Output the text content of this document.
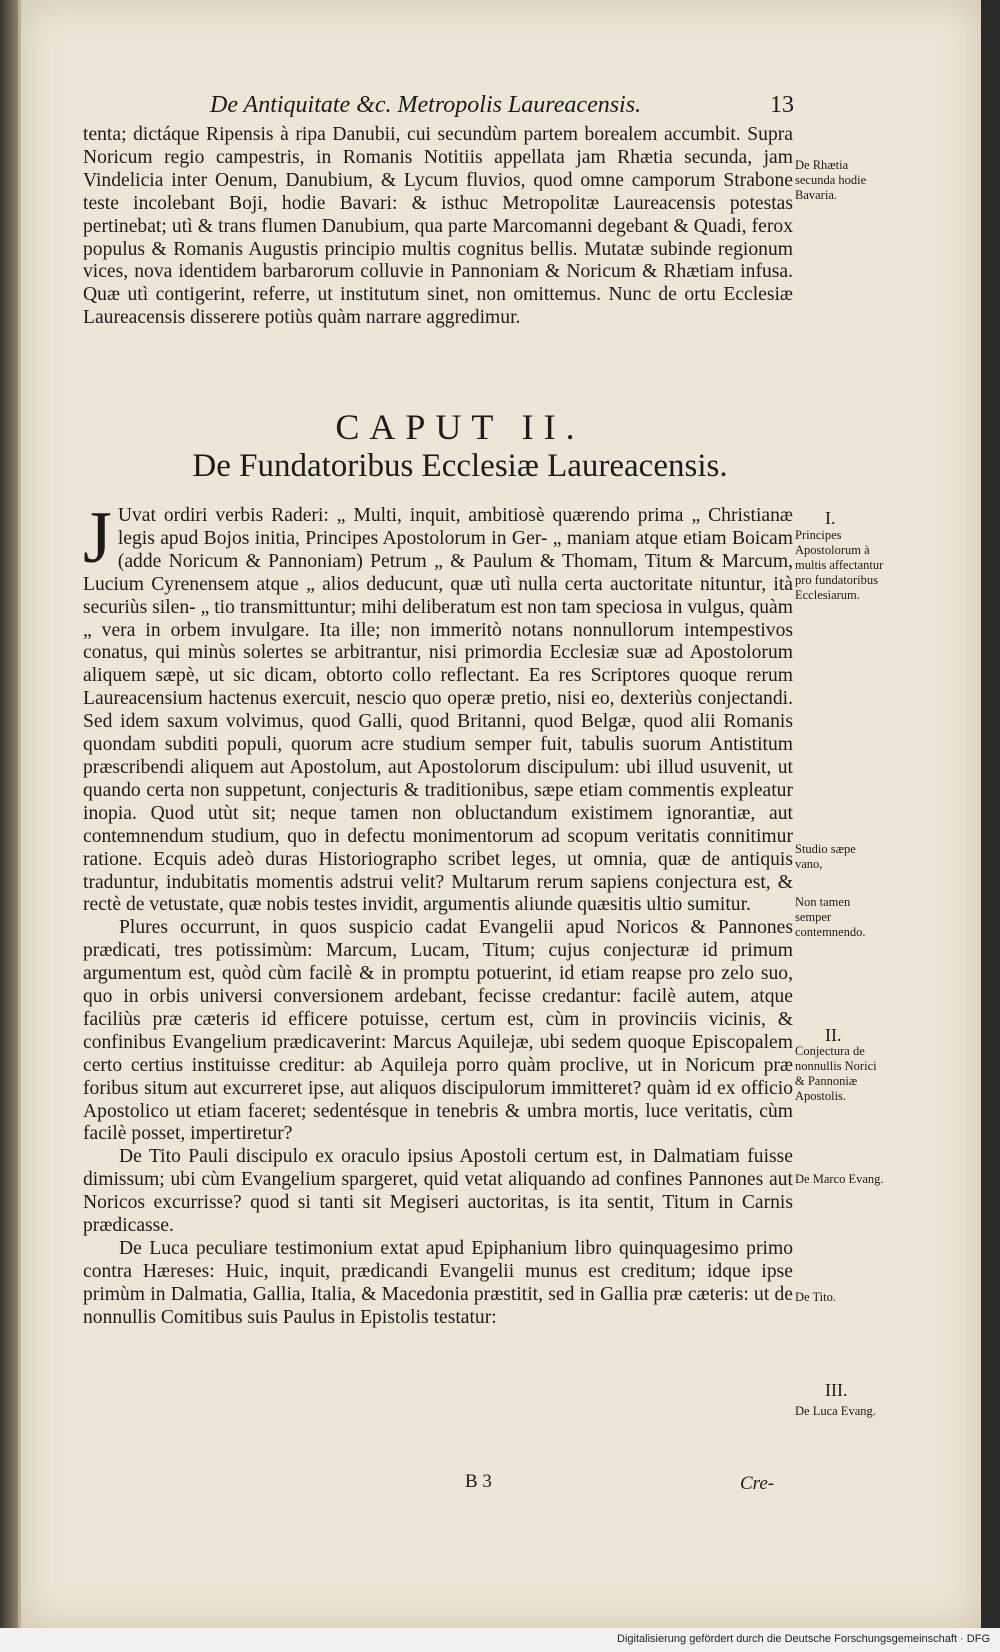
De Antiquitate &c. Metropolis Laureacensis.	13

tenta; dictáque Ripensis à ripa Danubii, cui secundùm partem borealem accumbit. Supra Noricum regio campestris, in Romanis Notitiis appellata jam Rhætia secunda, jam Vindelicia inter Oenum, Danubium, & Lycum fluvios, quod omne camporum Strabone teste incolebant Boji, hodie Bavari: & isthuc Metropolitæ Laureacensis potestas pertinebat; utì & trans flumen Danubium, qua parte Marcomanni degebant & Quadi, ferox populus & Romanis Augustis principio multis cognitus bellis. Mutatæ subinde regionum vices, nova identidem barbarorum colluvie in Pannoniam & Noricum & Rhætiam infusa. Quæ utì contigerint, referre, ut institutum sinet, non omittemus. Nunc de ortu Ecclesiæ Laureacensis disserere potiùs quàm narrare aggredimur.

CAPUT II.
De Fundatoribus Ecclesiæ Laureacensis.

J Uvat ordiri verbis Raderi: „ Multi, inquit, ambitiosè quærendo prima „ Christianæ legis apud Bojos initia, Principes Apostolorum in Ger- „ maniam atque etiam Boicam (adde Noricum & Pannoniam) Petrum „ & Paulum & Thomam, Titum & Marcum, Lucium Cyrenensem atque „ alios deducunt, quæ utì nulla certa auctoritate nituntur, ità securiùs silen- „ tio transmittuntur; mihi deliberatum est non tam speciosa in vulgus, quàm „ vera in orbem invulgare. Ita ille; non immeritò notans nonnullorum intempestivos conatus, qui minùs solertes se arbitrantur, nisi primordia Ecclesiæ suæ ad Apostolorum aliquem sæpè, ut sic dicam, obtorto collo reflectant. Ea res Scriptores quoque rerum Laureacensium hactenus exercuit, nescio quo operæ pretio, nisi eo, dexteriùs conjectandi. Sed idem saxum volvimus, quod Galli, quod Britanni, quod Belgæ, quod alii Romanis quondam subditi populi, quorum acre studium semper fuit, tabulis suorum Antistitum præscribendi aliquem aut Apostolum, aut Apostolorum discipulum: ubi illud usuvenit, ut quando certa non suppetunt, conjecturis & traditionibus, sæpe etiam commentis expleatur inopia. Quod utùt sit; neque tamen non obluctandum existimem ignorantiæ, aut contemnendum studium, quo in defectu monimentorum ad scopum veritatis connitimur ratione. Ecquis adeò duras Historiographo scribet leges, ut omnia, quæ de antiquis traduntur, indubitatis momentis adstrui velit? Multarum rerum sapiens conjectura est, & rectè de vetustate, quæ nobis testes invidit, argumentis aliunde quæsitis ultio sumitur.

Plures occurrunt, in quos suspicio cadat Evangelii apud Noricos & Pannones prædicati, tres potissimùm: Marcum, Lucam, Titum; cujus conjecturæ id primum argumentum est, quòd cùm facilè & in promptu potuerint, id etiam reapse pro zelo suo, quo in orbis universi conversionem ardebant, fecisse credantur: facilè autem, atque faciliùs præ cæteris id efficere potuisse, certum est, cùm in provinciis vicinis, & confinibus Evangelium prædicaverint: Marcus Aquilejæ, ubi sedem quoque Episcopalem certo certius instituisse creditur: ab Aquileja porro quàm proclive, ut in Noricum præ foribus situm aut excurreret ipse, aut aliquos discipulorum immitteret? quàm id ex officio Apostolico ut etiam faceret; sedentésque in tenebris & umbra mortis, luce veritatis, cùm facilè posset, impertiretur?

De Tito Pauli discipulo ex oraculo ipsius Apostoli certum est, in Dalmatiam fuisse dimissum; ubi cùm Evangelium spargeret, quid vetat aliquando ad confines Pannones aut Noricos excurrisse? quod si tanti sit Megiseri auctoritas, is ita sentit, Titum in Carnis prædicasse.

De Luca peculiare testimonium extat apud Epiphanium libro quinquagesimo primo contra Hæreses: Huic, inquit, prædicandi Evangelii munus est creditum; idque ipse primùm in Dalmatia, Gallia, Italia, & Macedonia præstitit, sed in Gallia præ cæteris: ut de nonnullis Comitibus suis Paulus in Epistolis testatur:

De Rhætia secunda hodie Bavaria.
I.
Principes Apostolorum à multis affectantur pro fundatoribus Ecclesiarum.
Studio sæpe vano,
Non tamen semper contemnendo.
II.
Conjectura de nonnullis Norici & Pannoniæ Apostolis.
De Marco Evang.
De Tito.
III.
De Luca Evang.
B 3	Cre-
Digitalisierung gefördert durch die Deutsche Forschungsgemeinschaft · DFG
